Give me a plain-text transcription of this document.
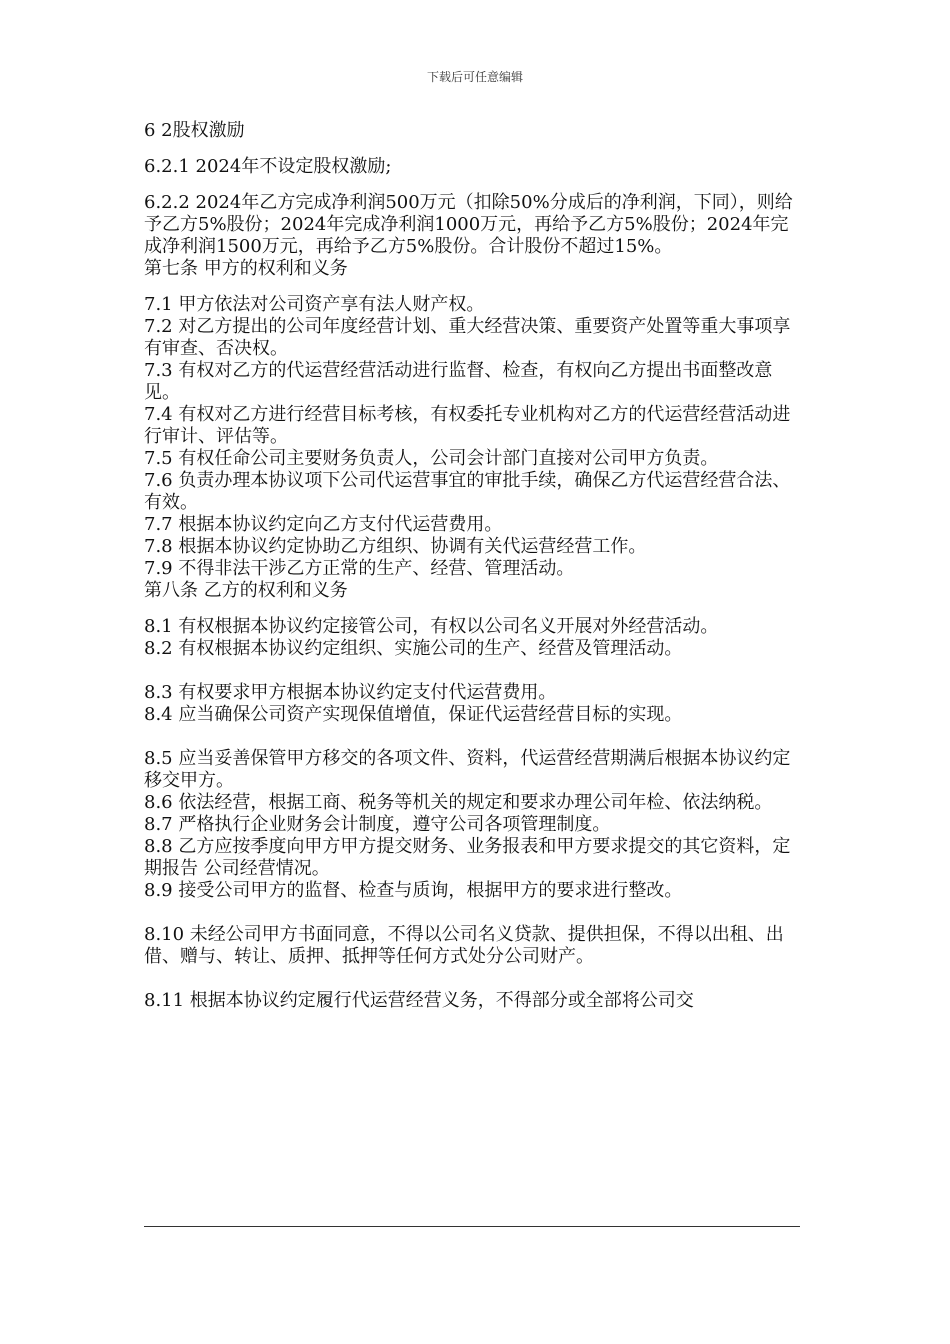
下载后可任意编辑

6 2股权激励

6.2.1 2024年不设定股权激励;

6.2.2 2024年乙方完成净利润500万元（扣除50%分成后的净利润，下同），则给予乙方5%股份；2024年完成净利润1000万元，再给予乙方5%股份；2024年完成净利润1500万元，再给予乙方5%股份。合计股份不超过15%。

第七条 甲方的权利和义务

7.1 甲方依法对公司资产享有法人财产权。

7.2 对乙方提出的公司年度经营计划、重大经营决策、重要资产处置等重大事项享有审查、否决权。

7.3 有权对乙方的代运营经营活动进行监督、检查，有权向乙方提出书面整改意见。

7.4 有权对乙方进行经营目标考核，有权委托专业机构对乙方的代运营经营活动进行审计、评估等。

7.5 有权任命公司主要财务负责人，公司会计部门直接对公司甲方负责。

7.6 负责办理本协议项下公司代运营事宜的审批手续，确保乙方代运营经营合法、有效。

7.7 根据本协议约定向乙方支付代运营费用。

7.8 根据本协议约定协助乙方组织、协调有关代运营经营工作。

7.9 不得非法干涉乙方正常的生产、经营、管理活动。

第八条 乙方的权利和义务

8.1 有权根据本协议约定接管公司，有权以公司名义开展对外经营活动。

8.2 有权根据本协议约定组织、实施公司的生产、经营及管理活动。

8.3 有权要求甲方根据本协议约定支付代运营费用。

8.4 应当确保公司资产实现保值增值，保证代运营经营目标的实现。

8.5 应当妥善保管甲方移交的各项文件、资料，代运营经营期满后根据本协议约定移交甲方。

8.6 依法经营，根据工商、税务等机关的规定和要求办理公司年检、依法纳税。

8.7 严格执行企业财务会计制度，遵守公司各项管理制度。

8.8 乙方应按季度向甲方甲方提交财务、业务报表和甲方要求提交的其它资料，定期报告 公司经营情况。

8.9 接受公司甲方的监督、检查与质询，根据甲方的要求进行整改。

8.10 未经公司甲方书面同意，不得以公司名义贷款、提供担保，不得以出租、出借、赠与、转让、质押、抵押等任何方式处分公司财产。

8.11 根据本协议约定履行代运营经营义务，不得部分或全部将公司交
